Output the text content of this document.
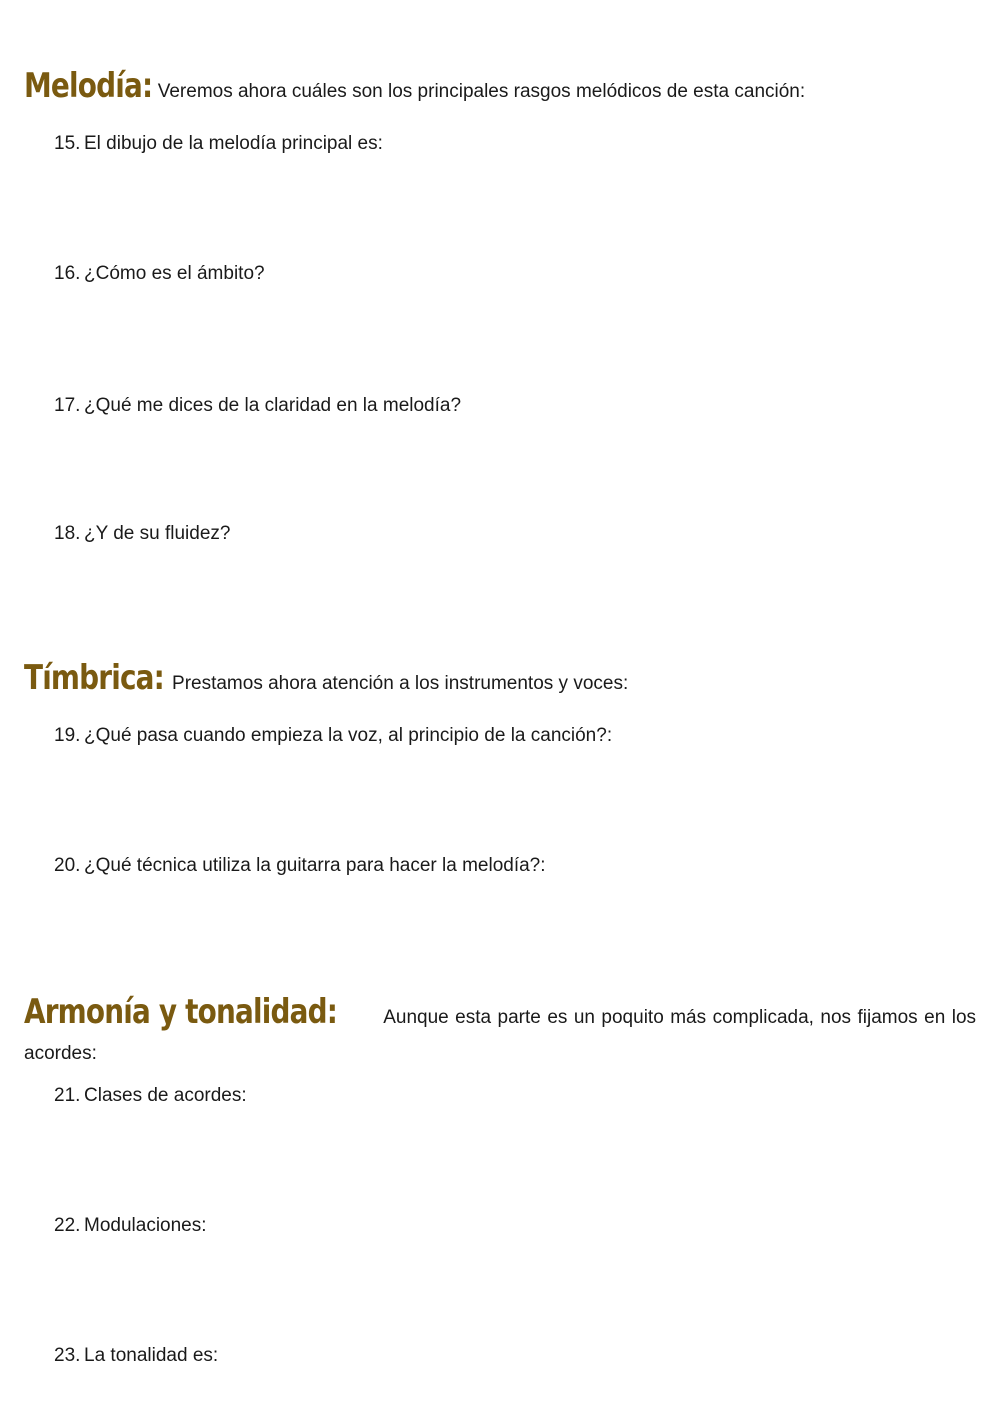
Melodía: Veremos ahora cuáles son los principales rasgos melódicos de esta canción:
15. El dibujo de la melodía principal es:
16. ¿Cómo es el ámbito?
17. ¿Qué me dices de la claridad en la melodía?
18. ¿Y de su fluidez?
Tímbrica: Prestamos ahora atención a los instrumentos y voces:
19. ¿Qué pasa cuando empieza la voz, al principio de la canción?:
20. ¿Qué técnica utiliza la guitarra para hacer la melodía?:
Armonía y tonalidad: Aunque esta parte es un poquito más complicada, nos fijamos en los acordes:
21. Clases de acordes:
22. Modulaciones:
23. La tonalidad es:
